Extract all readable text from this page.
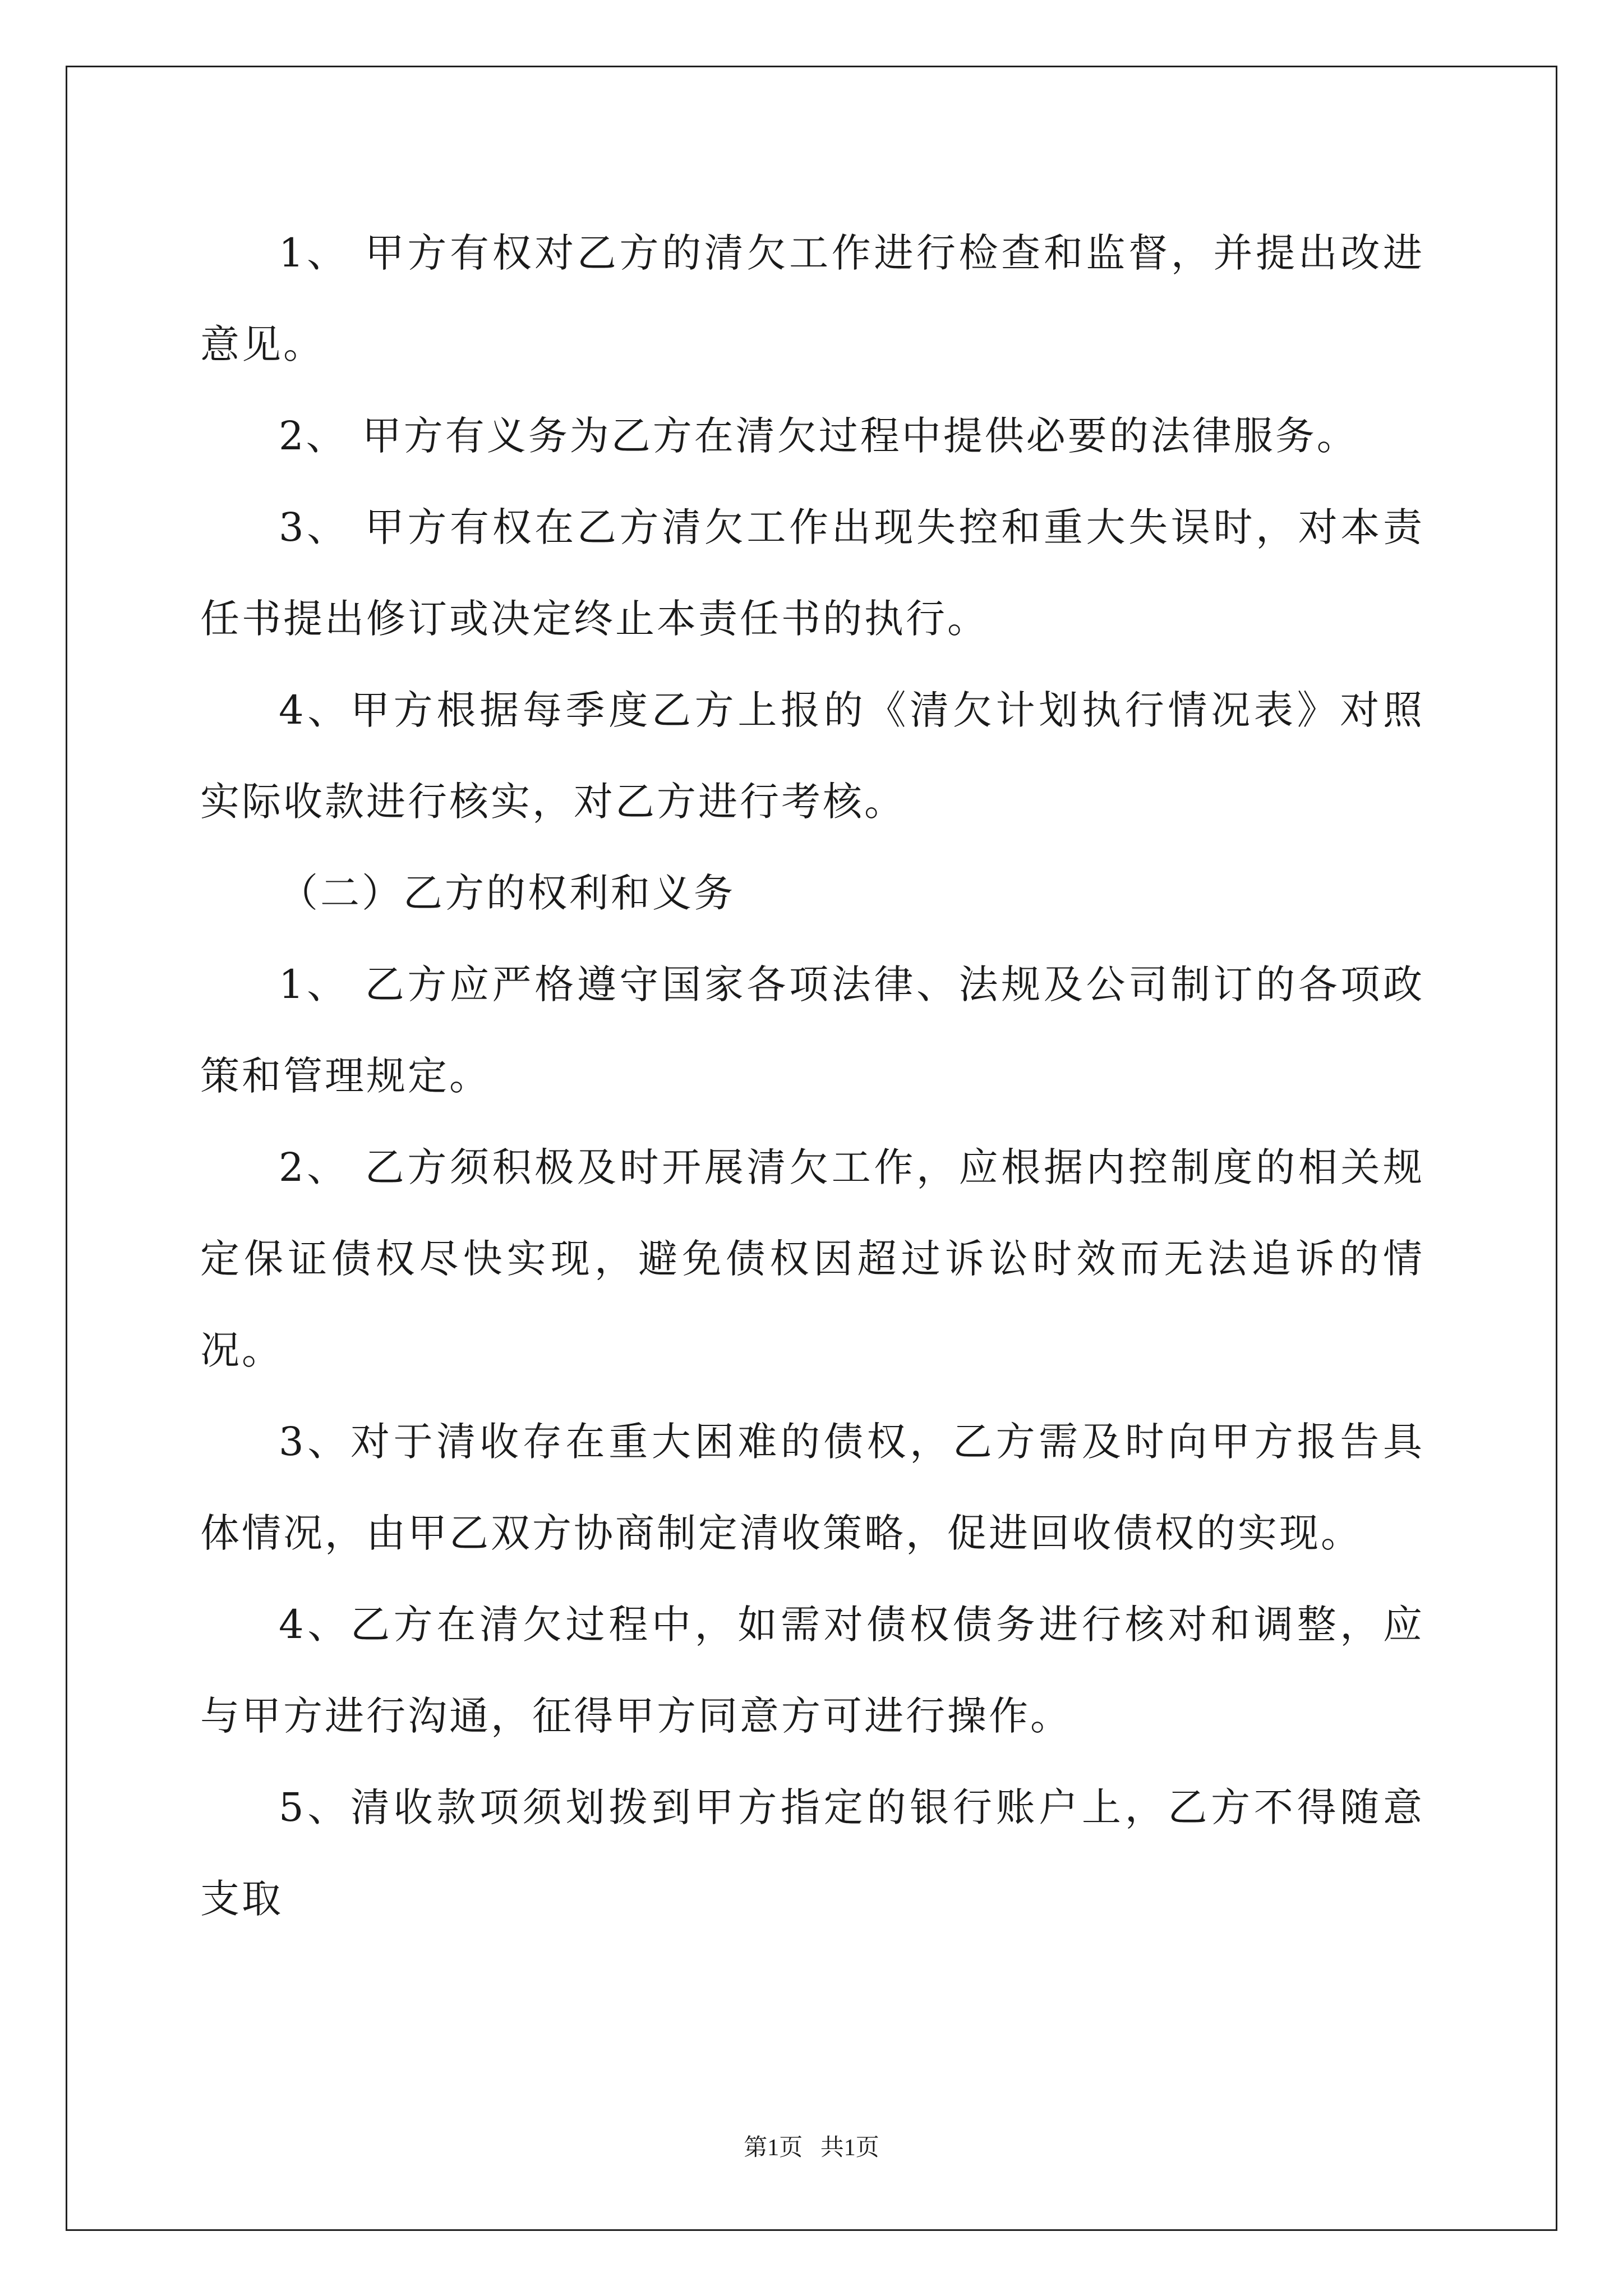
1、 甲方有权对乙方的清欠工作进行检查和监督，并提出改进意见。

2、 甲方有义务为乙方在清欠过程中提供必要的法律服务。

3、 甲方有权在乙方清欠工作出现失控和重大失误时，对本责任书提出修订或决定终止本责任书的执行。

4、甲方根据每季度乙方上报的《清欠计划执行情况表》对照实际收款进行核实，对乙方进行考核。

（二）乙方的权利和义务

1、 乙方应严格遵守国家各项法律、法规及公司制订的各项政策和管理规定。

2、 乙方须积极及时开展清欠工作，应根据内控制度的相关规定保证债权尽快实现，避免债权因超过诉讼时效而无法追诉的情况。

3、对于清收存在重大困难的债权，乙方需及时向甲方报告具体情况，由甲乙双方协商制定清收策略，促进回收债权的实现。

4、乙方在清欠过程中，如需对债权债务进行核对和调整，应与甲方进行沟通，征得甲方同意方可进行操作。

5、清收款项须划拨到甲方指定的银行账户上，乙方不得随意支取

第1页   共1页
